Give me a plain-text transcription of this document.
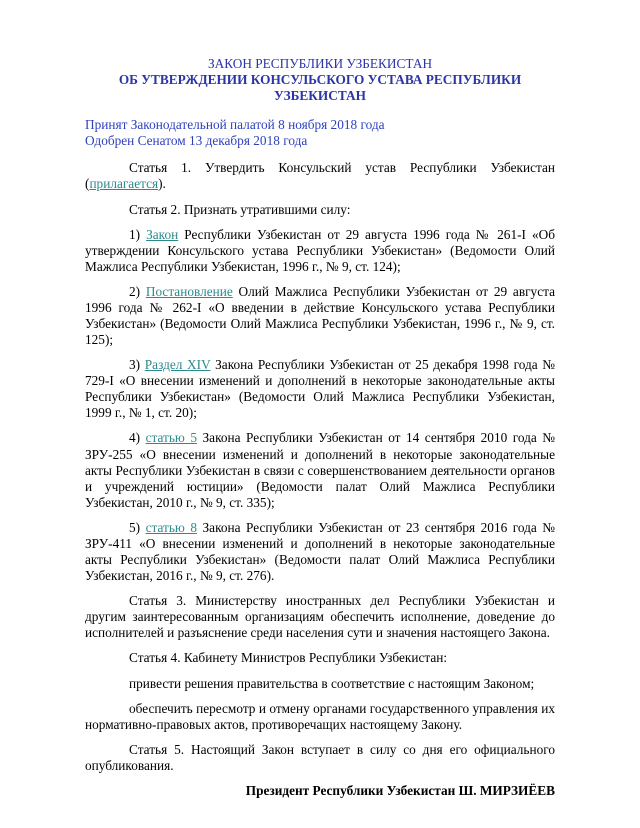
ЗАКОН РЕСПУБЛИКИ УЗБЕКИСТАН

ОБ УТВЕРЖДЕНИИ КОНСУЛЬСКОГО УСТАВА РЕСПУБЛИКИ УЗБЕКИСТАН

Принят Законодательной палатой 8 ноября 2018 года

Одобрен Сенатом 13 декабря 2018 года

Статья 1. Утвердить Консульский устав Республики Узбекистан (прилагается).

Статья 2. Признать утратившими силу:

1) Закон Республики Узбекистан от 29 августа 1996 года № 261-I «Об утверждении Консульского устава Республики Узбекистан» (Ведомости Олий Мажлиса Республики Узбекистан, 1996 г., № 9, ст. 124);

2) Постановление Олий Мажлиса Республики Узбекистан от 29 августа 1996 года № 262-I «О введении в действие Консульского устава Республики Узбекистан» (Ведомости Олий Мажлиса Республики Узбекистан, 1996 г., № 9, ст. 125);

3) Раздел XIV Закона Республики Узбекистан от 25 декабря 1998 года № 729-I «О внесении изменений и дополнений в некоторые законодательные акты Республики Узбекистан» (Ведомости Олий Мажлиса Республики Узбекистан, 1999 г., № 1, ст. 20);

4) статью 5 Закона Республики Узбекистан от 14 сентября 2010 года № ЗРУ-255 «О внесении изменений и дополнений в некоторые законодательные акты Республики Узбекистан в связи с совершенствованием деятельности органов и учреждений юстиции» (Ведомости палат Олий Мажлиса Республики Узбекистан, 2010 г., № 9, ст. 335);

5) статью 8 Закона Республики Узбекистан от 23 сентября 2016 года № ЗРУ-411 «О внесении изменений и дополнений в некоторые законодательные акты Республики Узбекистан» (Ведомости палат Олий Мажлиса Республики Узбекистан, 2016 г., № 9, ст. 276).

Статья 3. Министерству иностранных дел Республики Узбекистан и другим заинтересованным организациям обеспечить исполнение, доведение до исполнителей и разъяснение среди населения сути и значения настоящего Закона.

Статья 4. Кабинету Министров Республики Узбекистан:

привести решения правительства в соответствие с настоящим Законом;

обеспечить пересмотр и отмену органами государственного управления их нормативно-правовых актов, противоречащих настоящему Закону.

Статья 5. Настоящий Закон вступает в силу со дня его официального опубликования.

Президент Республики Узбекистан Ш. МИРЗИЁЕВ
